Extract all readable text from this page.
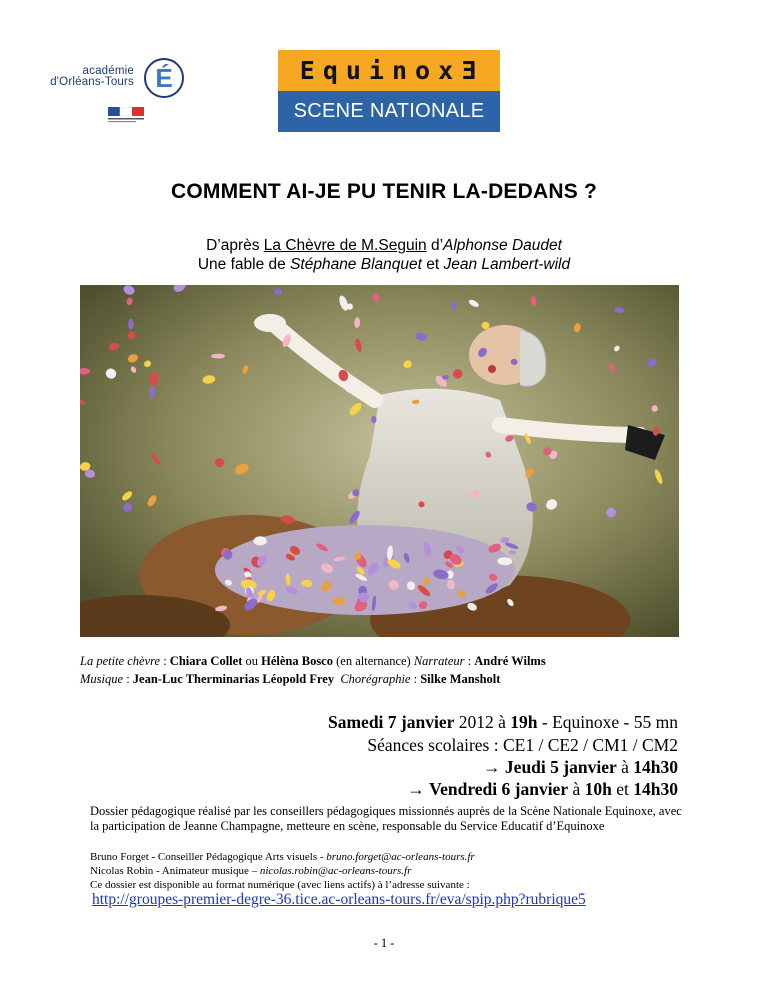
académie
d'Orléans-Tours É	EquinoxƎ
SCENE NATIONALE
COMMENT AI-JE PU TENIR LA-DEDANS ?
D’après La Chèvre de M.Seguin d’Alphonse Daudet
Une fable de Stéphane Blanquet et Jean Lambert-wild
La petite chèvre : Chiara Collet ou Hélèna Bosco (en alternance) Narrateur : André Wilms
Musique : Jean-Luc Therminarias Léopold Frey Chorégraphie : Silke Mansholt
Samedi 7 janvier 2012 à 19h - Equinoxe - 55 mn
Séances scolaires : CE1 / CE2 / CM1 / CM2
→ Jeudi 5 janvier à 14h30
→ Vendredi 6 janvier à 10h et 14h30
Dossier pédagogique réalisé par les conseillers pédagogiques missionnés auprès de la Scène Nationale Equinoxe, avec la participation de Jeanne Champagne, metteure en scène, responsable du Service Educatif d’Equinoxe
Bruno Forget - Conseiller Pédagogique Arts visuels - bruno.forget@ac-orleans-tours.fr
Nicolas Robin - Animateur musique – nicolas.robin@ac-orleans-tours.fr
Ce dossier est disponible au format numérique (avec liens actifs) à l’adresse suivante :
http://groupes-premier-degre-36.tice.ac-orleans-tours.fr/eva/spip.php?rubrique5
- 1 -
